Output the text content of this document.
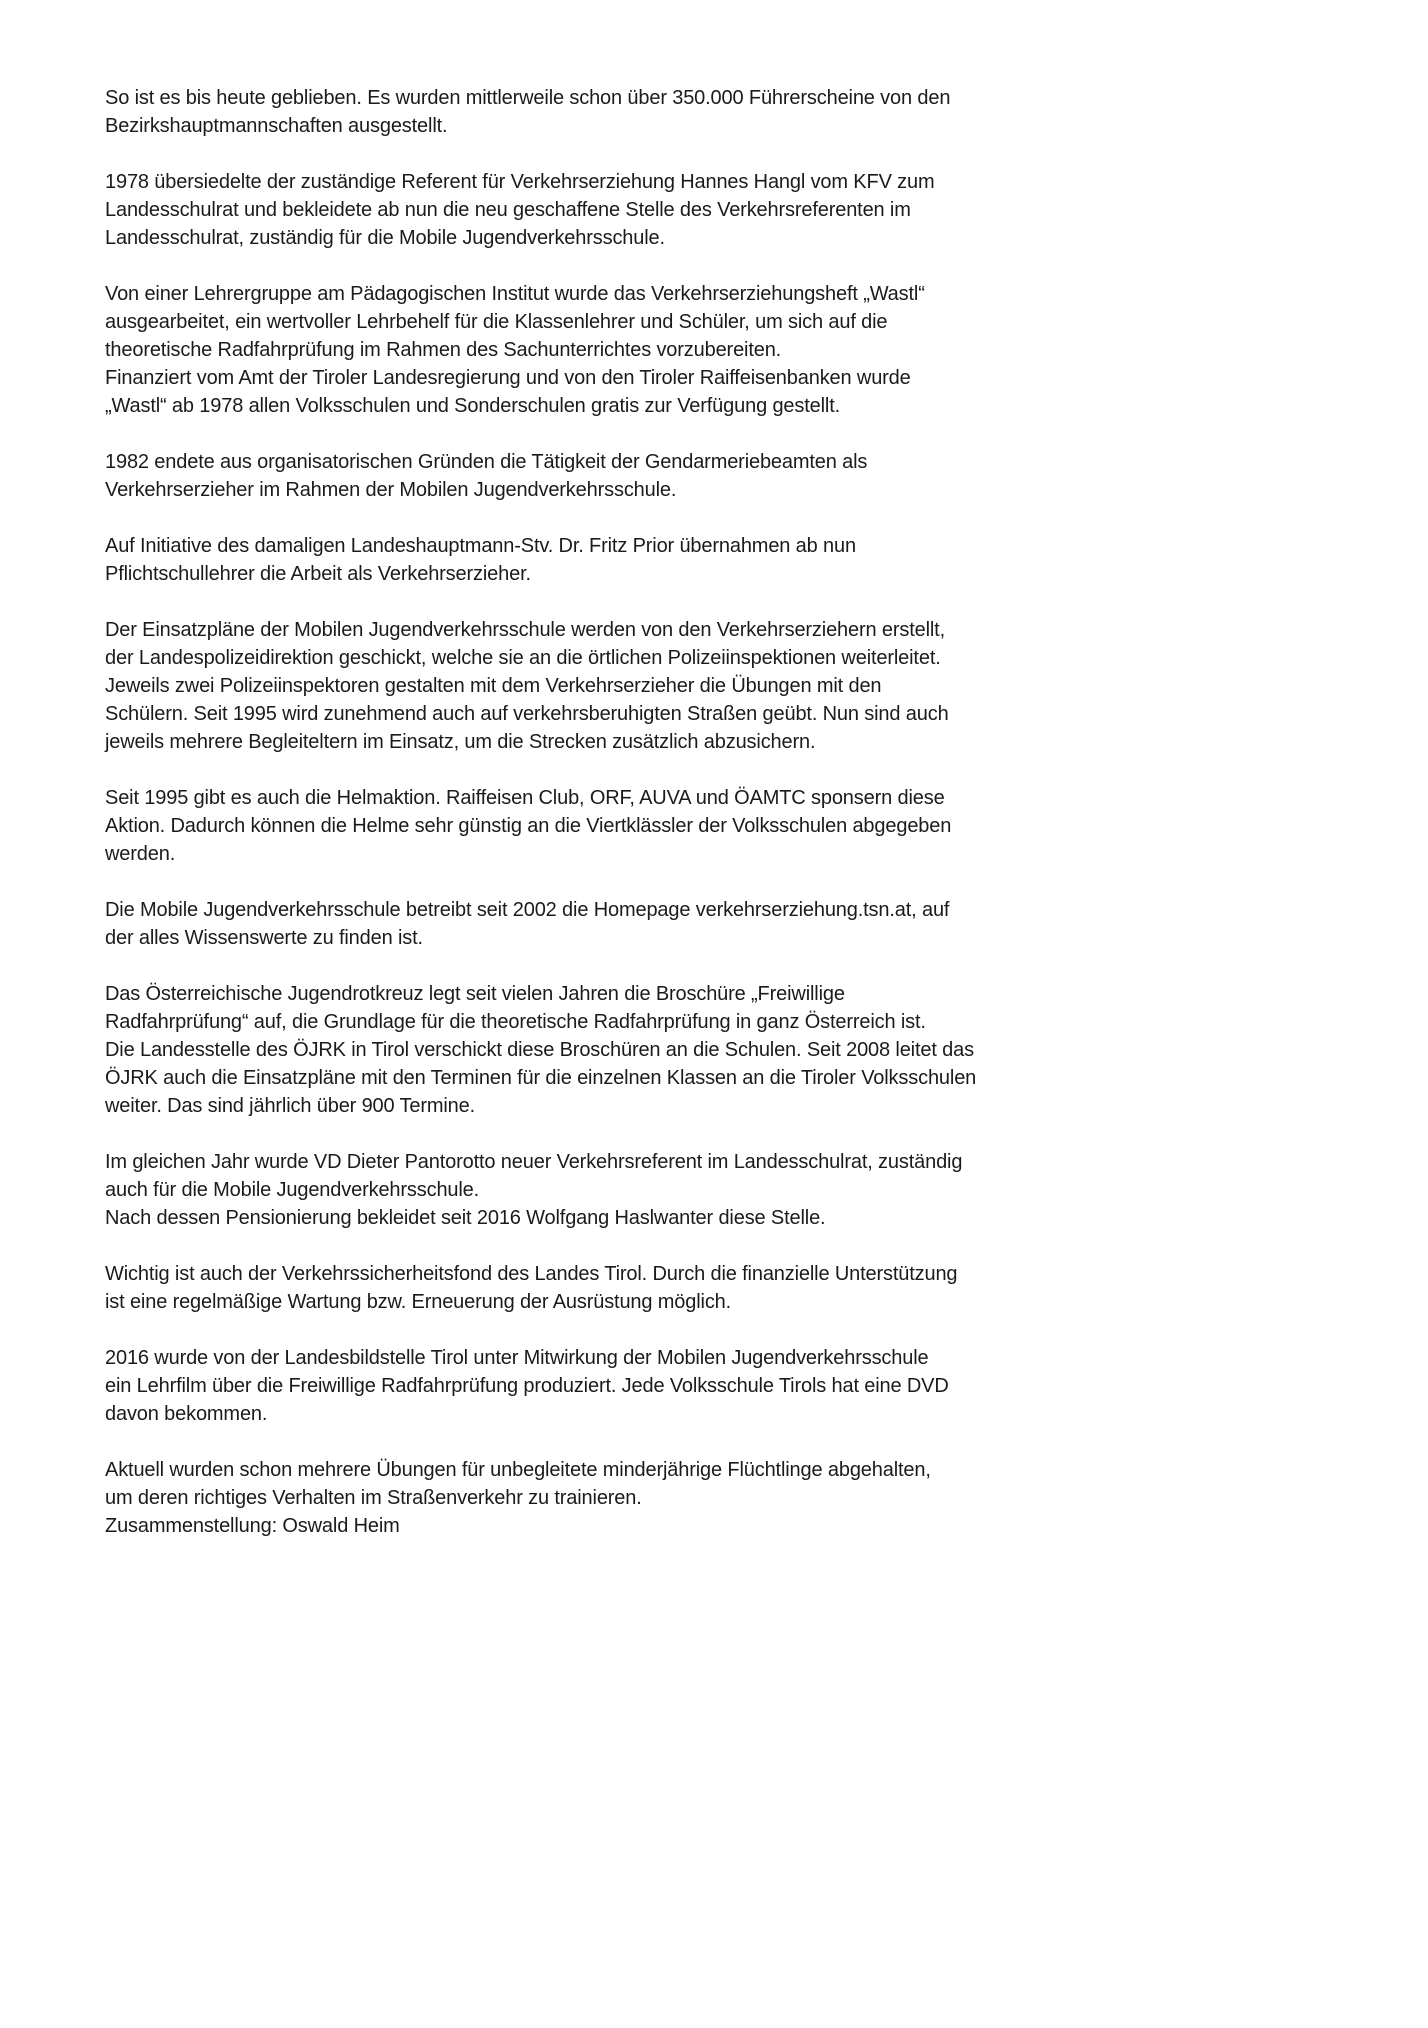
So ist es bis heute geblieben. Es wurden mittlerweile schon über 350.000 Führerscheine von den
Bezirkshauptmannschaften ausgestellt.

1978 übersiedelte der zuständige Referent für Verkehrserziehung Hannes Hangl vom KFV zum
Landesschulrat und bekleidete ab nun die neu geschaffene Stelle des Verkehrsreferenten im
Landesschulrat, zuständig für die Mobile Jugendverkehrsschule.

Von einer Lehrergruppe am Pädagogischen Institut wurde das Verkehrserziehungsheft „Wastl“
ausgearbeitet, ein wertvoller Lehrbehelf für die Klassenlehrer und Schüler, um sich auf die
theoretische Radfahrprüfung im Rahmen des Sachunterrichtes vorzubereiten.
Finanziert vom Amt der Tiroler Landesregierung und von den Tiroler Raiffeisenbanken wurde
„Wastl“ ab 1978 allen Volksschulen und Sonderschulen gratis zur Verfügung gestellt.

1982 endete aus organisatorischen Gründen die Tätigkeit der Gendarmeriebeamten als
Verkehrserzieher im Rahmen der Mobilen Jugendverkehrsschule.

Auf Initiative des damaligen Landeshauptmann-Stv. Dr. Fritz Prior übernahmen ab nun
Pflichtschullehrer die Arbeit als Verkehrserzieher.

Der Einsatzpläne der Mobilen Jugendverkehrsschule werden von den Verkehrserziehern erstellt,
der Landespolizeidirektion geschickt, welche sie an die örtlichen Polizeiinspektionen weiterleitet.
Jeweils zwei Polizeiinspektoren gestalten mit dem Verkehrserzieher die Übungen mit den
Schülern. Seit 1995 wird zunehmend auch auf verkehrsberuhigten Straßen geübt. Nun sind auch
jeweils mehrere Begleiteltern im Einsatz, um die Strecken zusätzlich abzusichern.

Seit 1995 gibt es auch die Helmaktion. Raiffeisen Club, ORF, AUVA und ÖAMTC sponsern diese
Aktion. Dadurch können die Helme sehr günstig an die Viertklässler der Volksschulen abgegeben
werden.

Die Mobile Jugendverkehrsschule betreibt seit 2002 die Homepage verkehrserziehung.tsn.at, auf
der alles Wissenswerte zu finden ist.

Das Österreichische Jugendrotkreuz legt seit vielen Jahren die Broschüre „Freiwillige
Radfahrprüfung“ auf, die Grundlage für die theoretische Radfahrprüfung in ganz Österreich ist.
Die Landesstelle des ÖJRK in Tirol verschickt diese Broschüren an die Schulen. Seit 2008 leitet das
ÖJRK auch die Einsatzpläne mit den Terminen für die einzelnen Klassen an die Tiroler Volksschulen
weiter. Das sind jährlich über 900 Termine.

Im gleichen Jahr wurde VD Dieter Pantorotto neuer Verkehrsreferent im Landesschulrat, zuständig
auch für die Mobile Jugendverkehrsschule.
Nach dessen Pensionierung bekleidet seit 2016 Wolfgang Haslwanter diese Stelle.

Wichtig ist auch der Verkehrssicherheitsfond des Landes Tirol. Durch die finanzielle Unterstützung
ist eine regelmäßige Wartung bzw. Erneuerung der Ausrüstung möglich.

2016 wurde von der Landesbildstelle Tirol unter Mitwirkung der Mobilen Jugendverkehrsschule
ein Lehrfilm über die Freiwillige Radfahrprüfung produziert. Jede Volksschule Tirols hat eine DVD
davon bekommen.

Aktuell wurden schon mehrere Übungen für unbegleitete minderjährige Flüchtlinge abgehalten,
um deren richtiges Verhalten im Straßenverkehr zu trainieren.
Zusammenstellung: Oswald Heim
